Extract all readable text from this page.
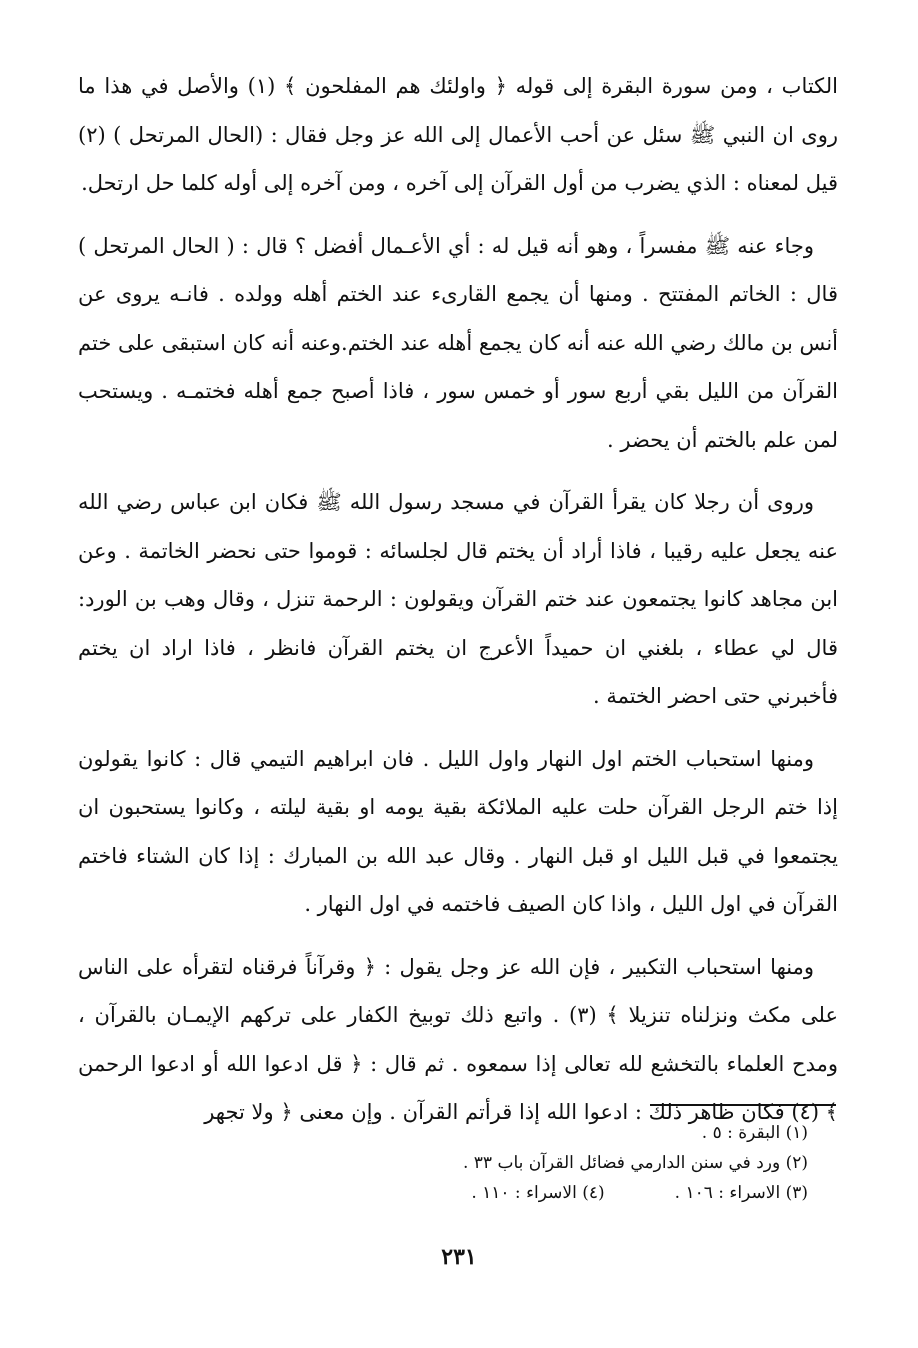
الكتاب ، ومن سورة البقرة إلى قوله ﴿ واولئك هم المفلحون ﴾ (١) والأصل في هذا ما روى ان النبي ﷺ سئل عن أحب الأعمال إلى الله عز وجل فقال : (الحال المرتحل ) (٢) قيل لمعناه : الذي يضرب من أول القرآن إلى آخره ، ومن آخره إلى أوله كلما حل ارتحل.

وجاء عنه ﷺ مفسراً ، وهو أنه قيل له : أي الأعـمال أفضل ؟ قال : ( الحال المرتحل ) قال : الخاتم المفتتح . ومنها أن يجمع القارىء عند الختم أهله وولده . فانـه يروى عن أنس بن مالك رضي الله عنه أنه كان يجمع أهله عند الختم.وعنه أنه كان استبقى على ختم القرآن من الليل بقي أربع سور أو خمس سور ، فاذا أصبح جمع أهله فختمـه . ويستحب لمن علم بالختم أن يحضر .

وروى أن رجلا كان يقرأ القرآن في مسجد رسول الله ﷺ فكان ابن عباس رضي الله عنه يجعل عليه رقيبا ، فاذا أراد أن يختم قال لجلسائه : قوموا حتى نحضر الخاتمة . وعن ابن مجاهد كانوا يجتمعون عند ختم القرآن ويقولون : الرحمة تنزل ، وقال وهب بن الورد: قال لي عطاء ، بلغني ان حميداً الأعرج ان يختم القرآن فانظر ، فاذا اراد ان يختم فأخبرني حتى احضر الختمة .

ومنها استحباب الختم اول النهار واول الليل . فان ابراهيم التيمي قال : كانوا يقولون إذا ختم الرجل القرآن حلت عليه الملائكة بقية يومه او بقية ليلته ، وكانوا يستحبون ان يجتمعوا في قبل الليل او قبل النهار . وقال عبد الله بن المبارك : إذا كان الشتاء فاختم القرآن في اول الليل ، واذا كان الصيف فاختمه في اول النهار .

ومنها استحباب التكبير ، فإن الله عز وجل يقول : ﴿ وقرآناً فرقناه لتقرأه على الناس على مكث ونزلناه تنزيلا ﴾ (٣) . واتبع ذلك توبيخ الكفار على تركهم الإيمـان بالقرآن ، ومدح العلماء بالتخشع لله تعالى إذا سمعوه . ثم قال : ﴿ قل ادعوا الله أو ادعوا الرحمن ﴾ (٤) فكان ظاهر ذلك : ادعوا الله إذا قرأتم القرآن . وإن معنى ﴿ ولا تجهر

(١) البقرة : ٥ .
(٢) ورد في سنن الدارمي فضائل القرآن باب ٣٣ .
(٣) الاسراء : ١٠٦ .
(٤) الاسراء : ١١٠ .
٢٣١
